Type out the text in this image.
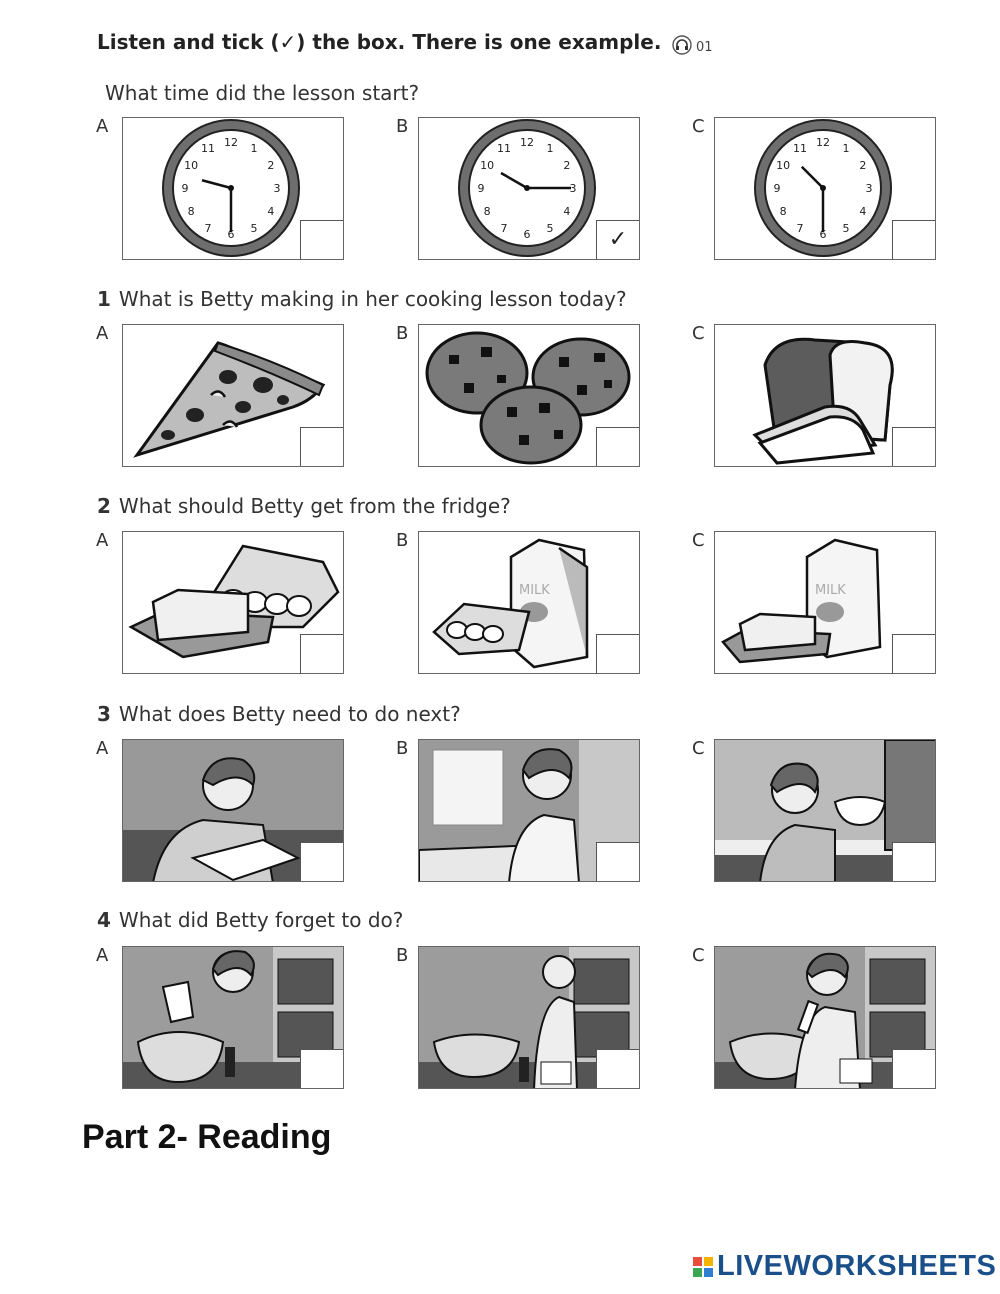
Listen and tick (✓) the box. There is one example.	01
What time did the lesson start?
1 What is Betty making in her cooking lesson today?
2 What should Betty get from the fridge?
3 What does Betty need to do next?
4 What did Betty forget to do?
A	B	C
A	B	C
A	B	C
A	B	C
A	B	C
1
2
3
4
5
6
7
8
9
10
11 12	1
2
3
4
5
6
7
8
9
10
11 12
✓
1
2
3
4
5
6
7
8
9
10
11 12
MILK	MILK
Part 2- Reading
LIVEWORKSHEETS
